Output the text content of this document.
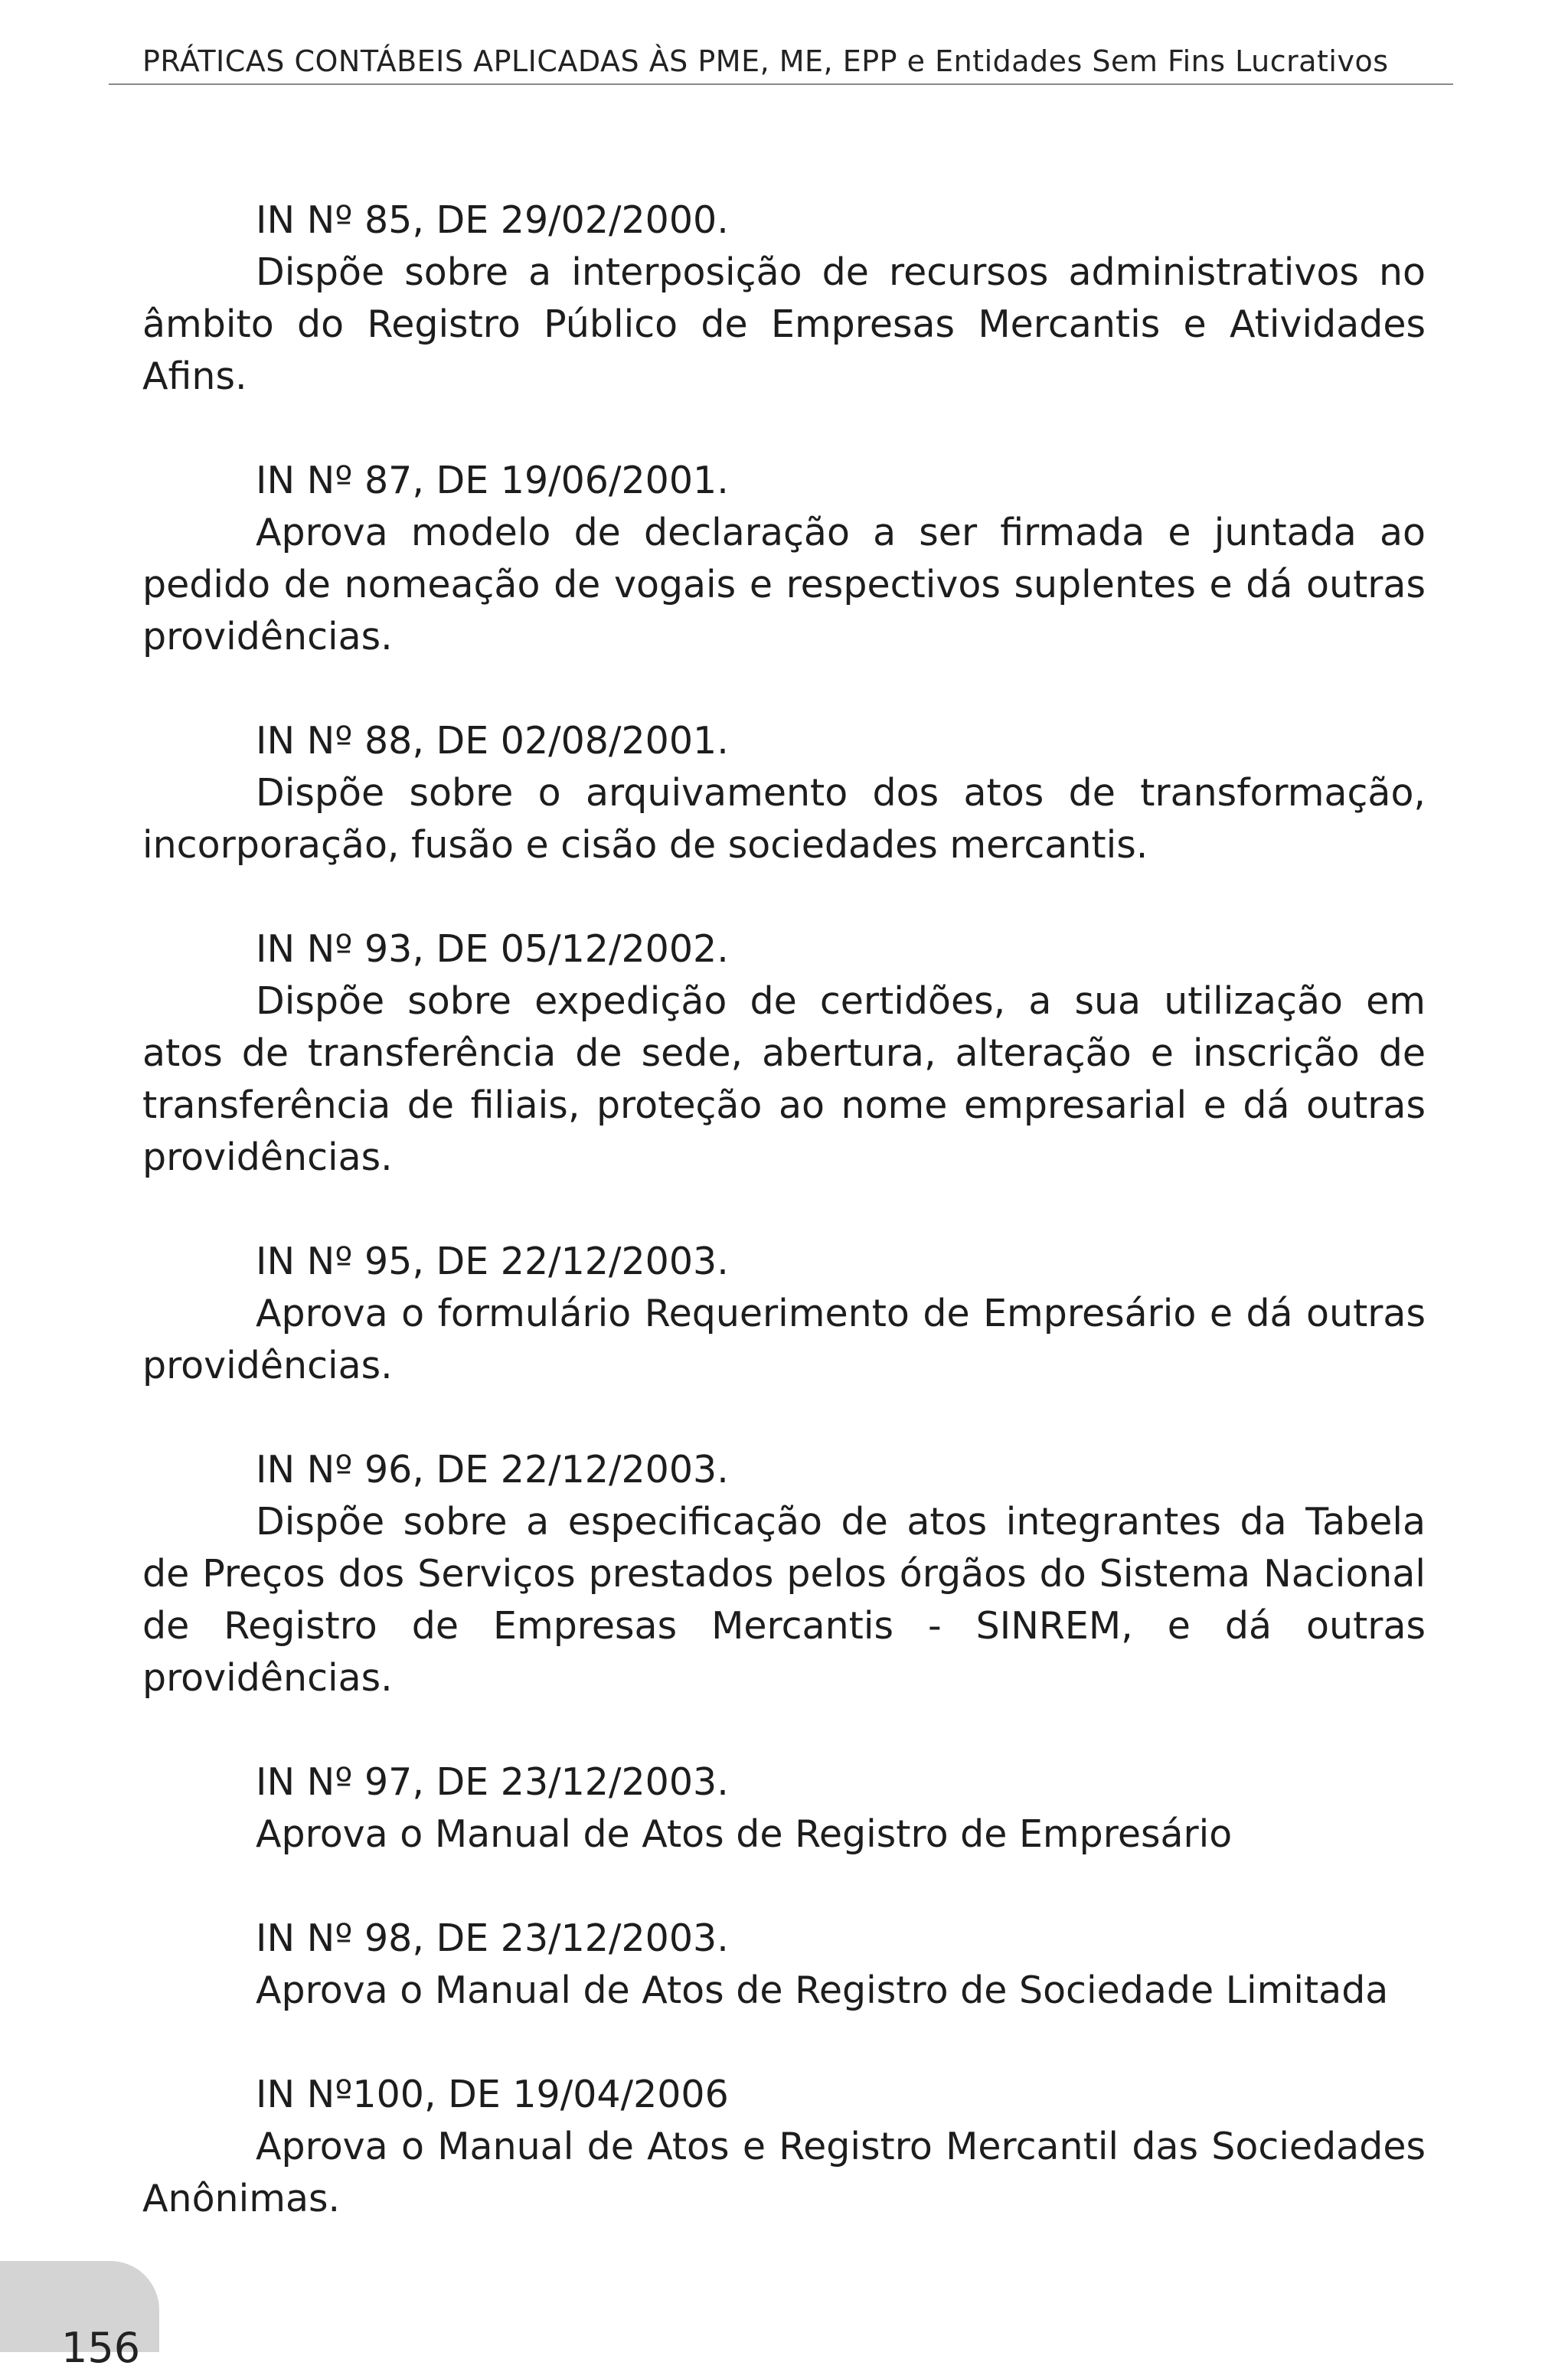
PRÁTICAS CONTÁBEIS APLICADAS ÀS PME, ME, EPP e Entidades Sem Fins Lucrativos
IN Nº 85, DE 29/02/2000.
Dispõe sobre a interposição de recursos administrativos no âmbito do Registro Público de Empresas Mercantis e Atividades Afins.
IN Nº 87, DE 19/06/2001.
Aprova modelo de declaração a ser firmada e juntada ao pedido de nomeação de vogais e respectivos suplentes e dá outras providências.
IN Nº 88, DE 02/08/2001.
Dispõe sobre o arquivamento dos atos de transformação, incorporação, fusão e cisão de sociedades mercantis.
IN Nº 93, DE 05/12/2002.
Dispõe sobre expedição de certidões, a sua utilização em atos de transferência de sede, abertura, alteração e inscrição de transferência de filiais, proteção ao nome empresarial e dá outras providências.
IN Nº 95, DE 22/12/2003.
Aprova o formulário Requerimento de Empresário e dá outras providências.
IN Nº 96, DE 22/12/2003.
Dispõe sobre a especificação de atos integrantes da Tabela de Preços dos Serviços prestados pelos órgãos do Sistema Nacional de Registro de Empresas Mercantis - SINREM, e dá outras providências.
IN Nº 97, DE 23/12/2003.
Aprova o Manual de Atos de Registro de Empresário
IN Nº 98, DE 23/12/2003.
Aprova o Manual de Atos de Registro de Sociedade Limitada
IN Nº100, DE 19/04/2006
Aprova o Manual de Atos e Registro Mercantil das Sociedades Anônimas.
156
